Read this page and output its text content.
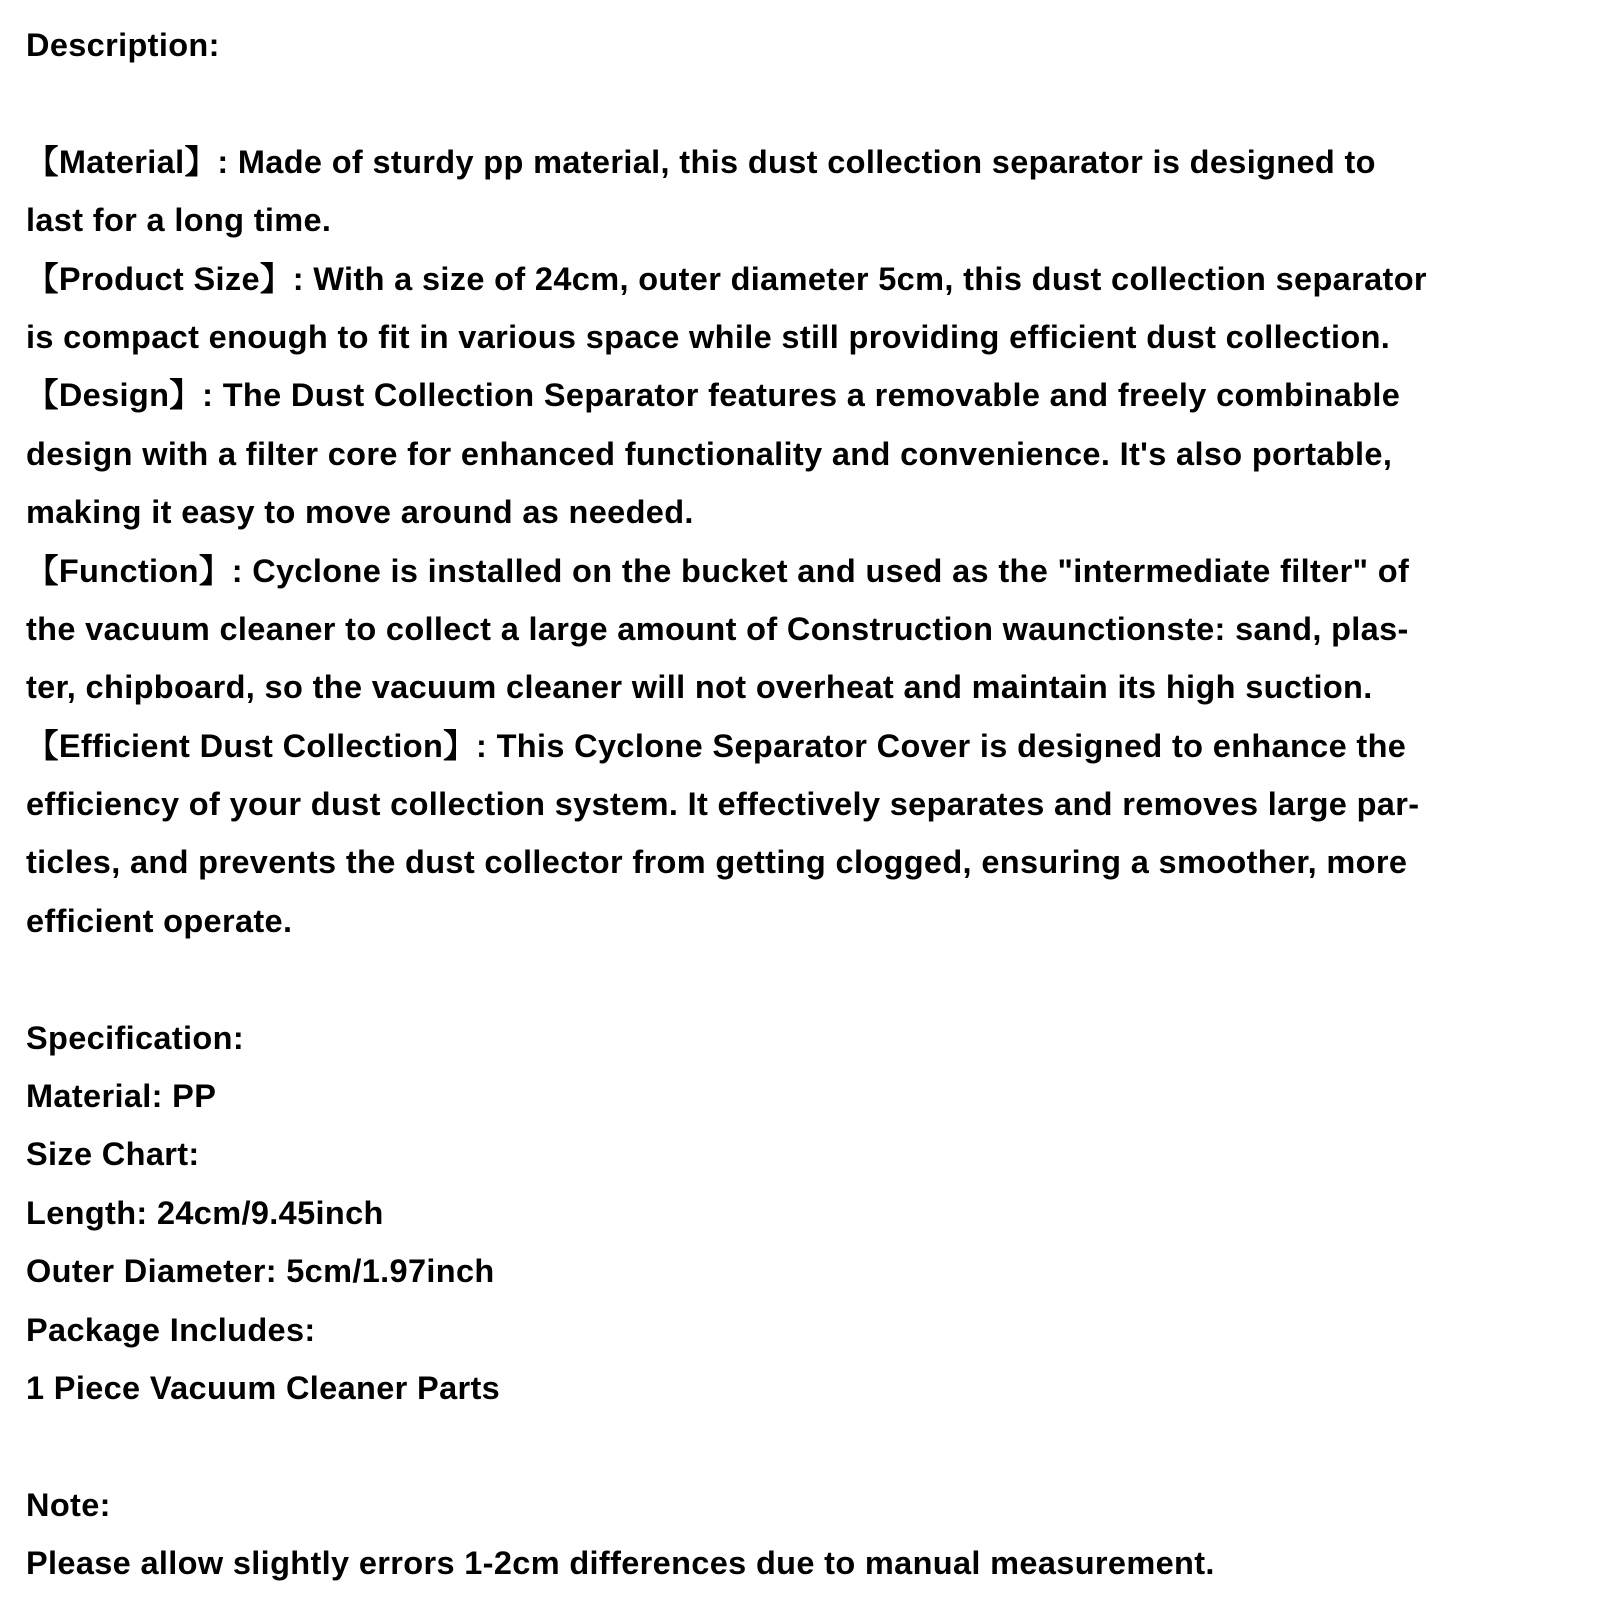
Description:
【Material】: Made of sturdy pp material, this dust collection separator is designed to
last for a long time.
【Product Size】: With a size of 24cm, outer diameter 5cm, this dust collection separator
is compact enough to fit in various space while still providing efficient dust collection.
【Design】: The Dust Collection Separator features a removable and freely combinable
design with a filter core for enhanced functionality and convenience. It's also portable,
making it easy to move around as needed.
【Function】: Cyclone is installed on the bucket and used as the "intermediate filter" of
the vacuum cleaner to collect a large amount of Construction waunctionste: sand, plas-
ter, chipboard, so the vacuum cleaner will not overheat and maintain its high suction.
【Efficient Dust Collection】: This Cyclone Separator Cover is designed to enhance the
efficiency of your dust collection system. It effectively separates and removes large par-
ticles, and prevents the dust collector from getting clogged, ensuring a smoother, more
efficient operate.
Specification:
Material: PP
Size Chart:
Length: 24cm/9.45inch
Outer Diameter: 5cm/1.97inch
Package Includes:
1 Piece Vacuum Cleaner Parts
Note:
Please allow slightly errors 1-2cm differences due to manual measurement.
